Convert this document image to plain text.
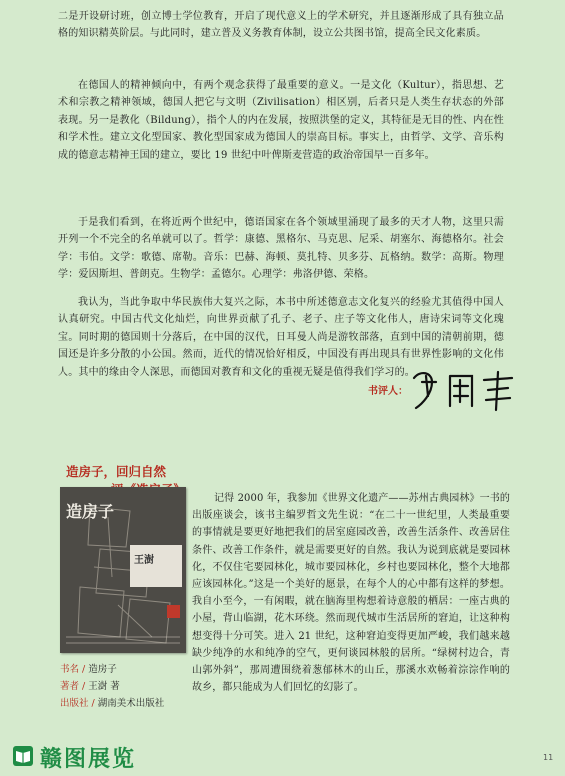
二是开设研讨班，创立博士学位教育，开启了现代意义上的学术研究，并且逐渐形成了具有独立品格的知识精英阶层。与此同时，建立普及义务教育体制，设立公共图书馆，提高全民文化素质。

在德国人的精神倾向中，有两个观念获得了最重要的意义。一是文化（Kultur），指思想、艺术和宗教之精神领域，德国人把它与文明（Zivilisation）相区别，后者只是人类生存状态的外部表现。另一是教化（Bildung），指个人的内在发展，按照洪堡的定义，其特征是无目的性、内在性和学术性。建立文化型国家、教化型国家成为德国人的崇高目标。事实上，由哲学、文学、音乐构成的德意志精神王国的建立，要比 19 世纪中叶俾斯麦营造的政治帝国早一百多年。

于是我们看到，在将近两个世纪中，德语国家在各个领域里涌现了最多的天才人物，这里只需开列一个不完全的名单就可以了。哲学：康德、黑格尔、马克思、尼采、胡塞尔、海德格尔。社会学：韦伯。文学：歌德、席勒。音乐：巴赫、海顿、莫扎特、贝多芬、瓦格纳。数学：高斯。物理学：爱因斯坦、普朗克。生物学：孟德尔。心理学：弗洛伊德、荣格。

我认为，当此争取中华民族伟大复兴之际，本书中所述德意志文化复兴的经验尤其值得中国人认真研究。中国古代文化灿烂，向世界贡献了孔子、老子、庄子等文化伟人，唐诗宋词等文化瑰宝。同时期的德国则十分落后，在中国的汉代，日耳曼人尚是游牧部落，直到中国的清朝前期，德国还是许多分散的小公国。然而，近代的情况恰好相反，中国没有再出现具有世界性影响的文化伟人。其中的缘由令人深思，而德国对教育和文化的重视无疑是值得我们学习的。

书评人：
造房子，回归自然
造房子
王澍
书名 / 造房子
著者 / 王澍 著
出版社 / 湖南美术出版社

记得 2000 年，我参加《世界文化遗产——苏州古典园林》一书的出版座谈会，该书主编罗哲文先生说：“在二十一世纪里，人类最重要的事情就是要更好地把我们的居室庭园改善，改善生活条件、改善居住条件、改善工作条件，就是需要更好的自然。我认为说到底就是要园林化，不仅住宅要园林化，城市要园林化，乡村也要园林化，整个大地都应该园林化。”这是一个美好的愿景，在每个人的心中都有这样的梦想。我自小至今，一有闲暇，就在脑海里构想着诗意般的栖居：一座古典的小屋，背山临湖，花木环绕。然而现代城市生活居所的窘迫，让这种构想变得十分可笑。进入 21 世纪，这种窘迫变得更加严峻，我们越来越缺少纯净的水和纯净的空气，更何谈园林般的居所。“绿树村边合，青山郭外斜”，那周遭围绕着葱郁林木的山丘，那溪水欢畅着淙淙作响的故乡，都只能成为人们回忆的幻影了。

赣图展览	11
